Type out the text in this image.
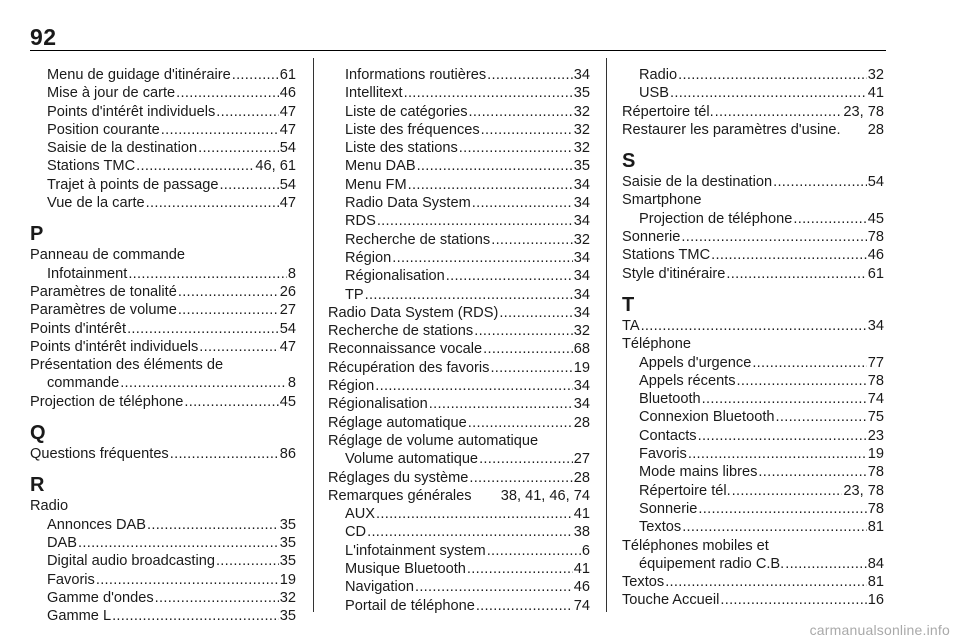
92
Menu de guidage d'itinéraire .....	61
Mise à jour de carte .....	46
Points d'intérêt individuels .....	47
Position courante .....	47
Saisie de la destination .....	54
Stations TMC .....	46, 61
Trajet à points de passage .....	54
Vue de la carte .....	47
P
Panneau de commande
Infotainment .....	8
Paramètres de tonalité .....	26
Paramètres de volume .....	27
Points d'intérêt .....	54
Points d'intérêt individuels .....	47
Présentation des éléments de
commande .....	8
Projection de téléphone .....	45
Q
Questions fréquentes .....	86
R
Radio
Annonces DAB .....	35
DAB .....	35
Digital audio broadcasting .....	35
Favoris .....	19
Gamme d'ondes .....	32
Gamme L .....	35
Informations routières .....	34
Intellitext .....	35
Liste de catégories .....	32
Liste des fréquences .....	32
Liste des stations .....	32
Menu DAB .....	35
Menu FM .....	34
Radio Data System .....	34
RDS .....	34
Recherche de stations .....	32
Région .....	34
Régionalisation .....	34
TP .....	34
Radio Data System (RDS) .....	34
Recherche de stations .....	32
Reconnaissance vocale .....	68
Récupération des favoris .....	19
Région .....	34
Régionalisation .....	34
Réglage automatique .....	28
Réglage de volume automatique
Volume automatique .....	27
Réglages du système .....	28
Remarques générales 38, 41, 46, 74
AUX .....	41
CD .....	38
L'infotainment system .....	6
Musique Bluetooth .....	41
Navigation .....	46
Portail de téléphone .....	74
Radio .....	32
USB .....	41
Répertoire tél. .....	23, 78
Restaurer les paramètres d'usine. 28
S
Saisie de la destination .....	54
Smartphone
Projection de téléphone .....	45
Sonnerie .....	78
Stations TMC .....	46
Style d'itinéraire .....	61
T
TA .....	34
Téléphone
Appels d'urgence .....	77
Appels récents .....	78
Bluetooth .....	74
Connexion Bluetooth .....	75
Contacts .....	23
Favoris .....	19
Mode mains libres .....	78
Répertoire tél. .....	23, 78
Sonnerie .....	78
Textos .....	81
Téléphones mobiles et
équipement radio C.B. .....	84
Textos .....	81
Touche Accueil .....	16
carmanualsonline.info
